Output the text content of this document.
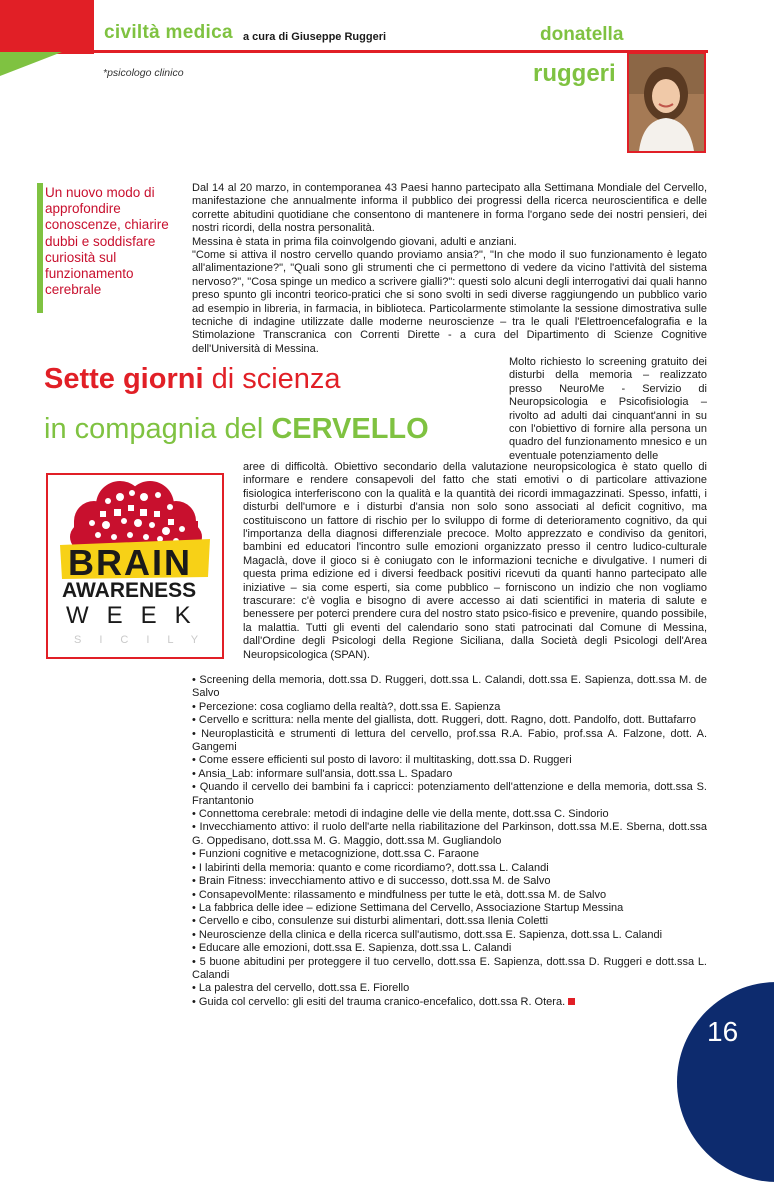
civiltà medica a cura di Giuseppe Ruggeri	donatella
ruggeri
*psicologo clinico
Un nuovo modo di approfondire conoscenze, chiarire dubbi e soddisfare curiosità sul funzionamento cerebrale

Dal 14 al 20 marzo, in contemporanea 43 Paesi hanno partecipato alla Settimana Mondiale del Cervello, manifestazione che annualmente informa il pubblico dei progressi della ricerca neuroscientifica e delle corrette abitudini quotidiane che consentono di mantenere in forma l'organo sede dei nostri pensieri, dei nostri ricordi, della nostra personalità.

Messina è stata in prima fila coinvolgendo giovani, adulti e anziani.

"Come si attiva il nostro cervello quando proviamo ansia?", "In che modo il suo funzionamento è legato all'alimentazione?", "Quali sono gli strumenti che ci permettono di vedere da vicino l'attività del sistema nervoso?", "Cosa spinge un medico a scrivere gialli?": questi solo alcuni degli interrogativi dai quali hanno preso spunto gli incontri teorico-pratici che si sono svolti in sedi diverse raggiungendo un pubblico vario ad esempio in libreria, in farmacia, in biblioteca. Particolarmente stimolante la sessione dimostrativa sulle tecniche di indagine utilizzate dalle moderne neuroscienze – tra le quali l'Elettroencefalografia e la Stimolazione Transcranica con Correnti Dirette - a cura del Dipartimento di Scienze Cognitive dell'Università di Messina.

Sette giorni di scienza
in compagnia del CERVELLO
Molto richiesto lo screening gratuito dei disturbi della memoria – realizzato presso NeuroMe - Servizio di Neuropsicologia e Psicofisiologia – rivolto ad adulti dai cinquant'anni in su con l'obiettivo di fornire alla persona un quadro del funzionamento mnesico e un eventuale potenziamento delle
aree di difficoltà. Obiettivo secondario della valutazione neuropsicologica è stato quello di informare e rendere consapevoli del fatto che stati emotivi o di particolare attivazione fisiologica interferiscono con la qualità e la quantità dei ricordi immagazzinati. Spesso, infatti, i disturbi dell'umore e i disturbi d'ansia non solo sono associati al deficit cognitivo, ma costituiscono un fattore di rischio per lo sviluppo di forme di deterioramento cognitivo, da qui l'importanza della diagnosi differenziale precoce. Molto apprezzato e condiviso da genitori, bambini ed educatori l'incontro sulle emozioni organizzato presso il centro ludico-culturale Magaclà, dove il gioco si è coniugato con le informazioni tecniche e divulgative. I numeri di questa prima edizione ed i diversi feedback positivi ricevuti da quanti hanno partecipato alle iniziative – sia come esperti, sia come pubblico – forniscono un indizio che non vogliamo trascurare: c'è voglia e bisogno di avere accesso ai dati scientifici in materia di salute e benessere per poterci prendere cura del nostro stato psico-fisico e prevenire, quando possibile, la malattia. Tutti gli eventi del calendario sono stati patrocinati dal Comune di Messina, dall'Ordine degli Psicologi della Regione Siciliana, dalla Società degli Psicologi dell'Area Neuropsicologica (SPAN).
BRAIN
AWARENESS
WEEK
SICILY
• Screening della memoria, dott.ssa D. Ruggeri, dott.ssa L. Calandi, dott.ssa E. Sapienza, dott.ssa M. de Salvo
• Percezione: cosa cogliamo della realtà?, dott.ssa E. Sapienza
• Cervello e scrittura: nella mente del giallista, dott. Ruggeri, dott. Ragno, dott. Pandolfo, dott. Buttafarro
• Neuroplasticità e strumenti di lettura del cervello, prof.ssa R.A. Fabio, prof.ssa A. Falzone, dott. A. Gangemi
• Come essere efficienti sul posto di lavoro: il multitasking, dott.ssa D. Ruggeri
• Ansia_Lab: informare sull'ansia, dott.ssa L. Spadaro
• Quando il cervello dei bambini fa i capricci: potenziamento dell'attenzione e della memoria, dott.ssa S. Frantantonio
• Connettoma cerebrale: metodi di indagine delle vie della mente, dott.ssa C. Sindorio
• Invecchiamento attivo: il ruolo dell'arte nella riabilitazione del Parkinson, dott.ssa M.E. Sberna, dott.ssa G. Oppedisano, dott.ssa M. G. Maggio, dott.ssa M. Gugliandolo
• Funzioni cognitive e metacognizione, dott.ssa C. Faraone
• I labirinti della memoria: quanto e come ricordiamo?, dott.ssa L. Calandi
• Brain Fitness: invecchiamento attivo e di successo, dott.ssa M. de Salvo
• ConsapevolMente: rilassamento e mindfulness per tutte le età, dott.ssa M. de Salvo
• La fabbrica delle idee – edizione Settimana del Cervello, Associazione Startup Messina
• Cervello e cibo, consulenze sui disturbi alimentari, dott.ssa Ilenia Coletti
• Neuroscienze della clinica e della ricerca sull'autismo, dott.ssa E. Sapienza, dott.ssa L. Calandi
• Educare alle emozioni, dott.ssa E. Sapienza, dott.ssa L. Calandi
• 5 buone abitudini per proteggere il tuo cervello, dott.ssa E. Sapienza, dott.ssa D. Ruggeri e dott.ssa L. Calandi
• La palestra del cervello, dott.ssa E. Fiorello
• Guida col cervello: gli esiti del trauma cranico-encefalico, dott.ssa R. Otera.
16
